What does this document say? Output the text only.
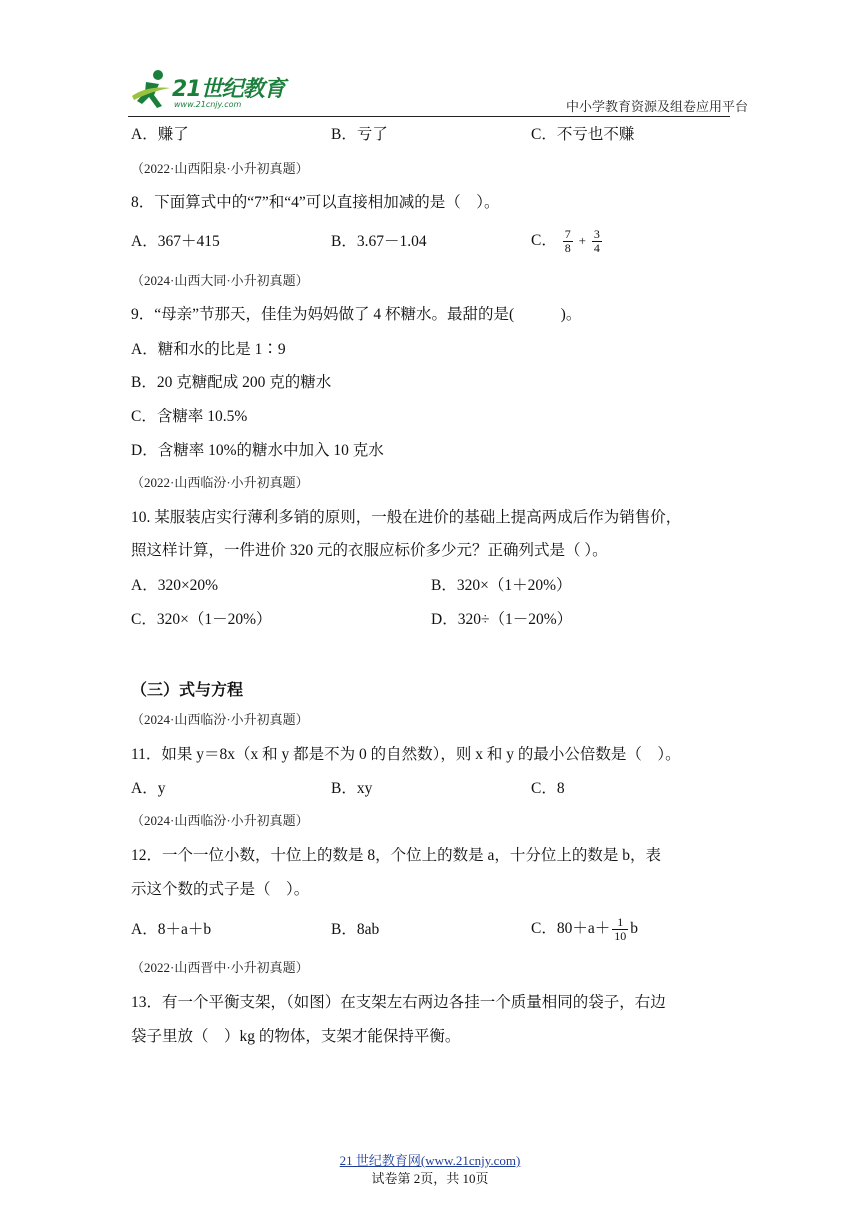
21世纪教育
www.21cnjy.com	中小学教育资源及组卷应用平台
A．赚了	B．亏了	C．不亏也不赚
（2022·山西阳泉·小升初真题）
8．下面算式中的“7”和“4”可以直接相加减的是（　）。
A．367＋415	B．3.67－1.04	C． $\frac{7}{8} + \frac{3}{4}$
（2024·山西大同·小升初真题）
9．“母亲”节那天，佳佳为妈妈做了 4 杯糖水。最甜的是(　　　)。
A．糖和水的比是 1∶9
B．20 克糖配成 200 克的糖水
C．含糖率 10.5%
D．含糖率 10%的糖水中加入 10 克水
（2022·山西临汾·小升初真题）
10. 某服装店实行薄利多销的原则，一般在进价的基础上提高两成后作为销售价，
照这样计算，一件进价 320 元的衣服应标价多少元？正确列式是（ ）。
A．320×20%	B．320×（1＋20%）
C．320×（1－20%）	D．320÷（1－20%）
（三）式与方程
（2024·山西临汾·小升初真题）
11．如果 y＝8x（x 和 y 都是不为 0 的自然数），则 x 和 y 的最小公倍数是（　）。
A．y	B．xy	C．8
（2024·山西临汾·小升初真题）
12．一个一位小数，十位上的数是 8，个位上的数是 a，十分位上的数是 b，表
示这个数的式子是（　）。
A．8＋a＋b	B．8ab	C．$80+a+ \frac{1}{10}$ b
（2022·山西晋中·小升初真题）
13．有一个平衡支架，（如图）在支架左右两边各挂一个质量相同的袋子，右边
袋子里放（　）kg 的物体，支架才能保持平衡。
21 世纪教育网(www.21cnjy.com)
试卷第 2页，共 10页
